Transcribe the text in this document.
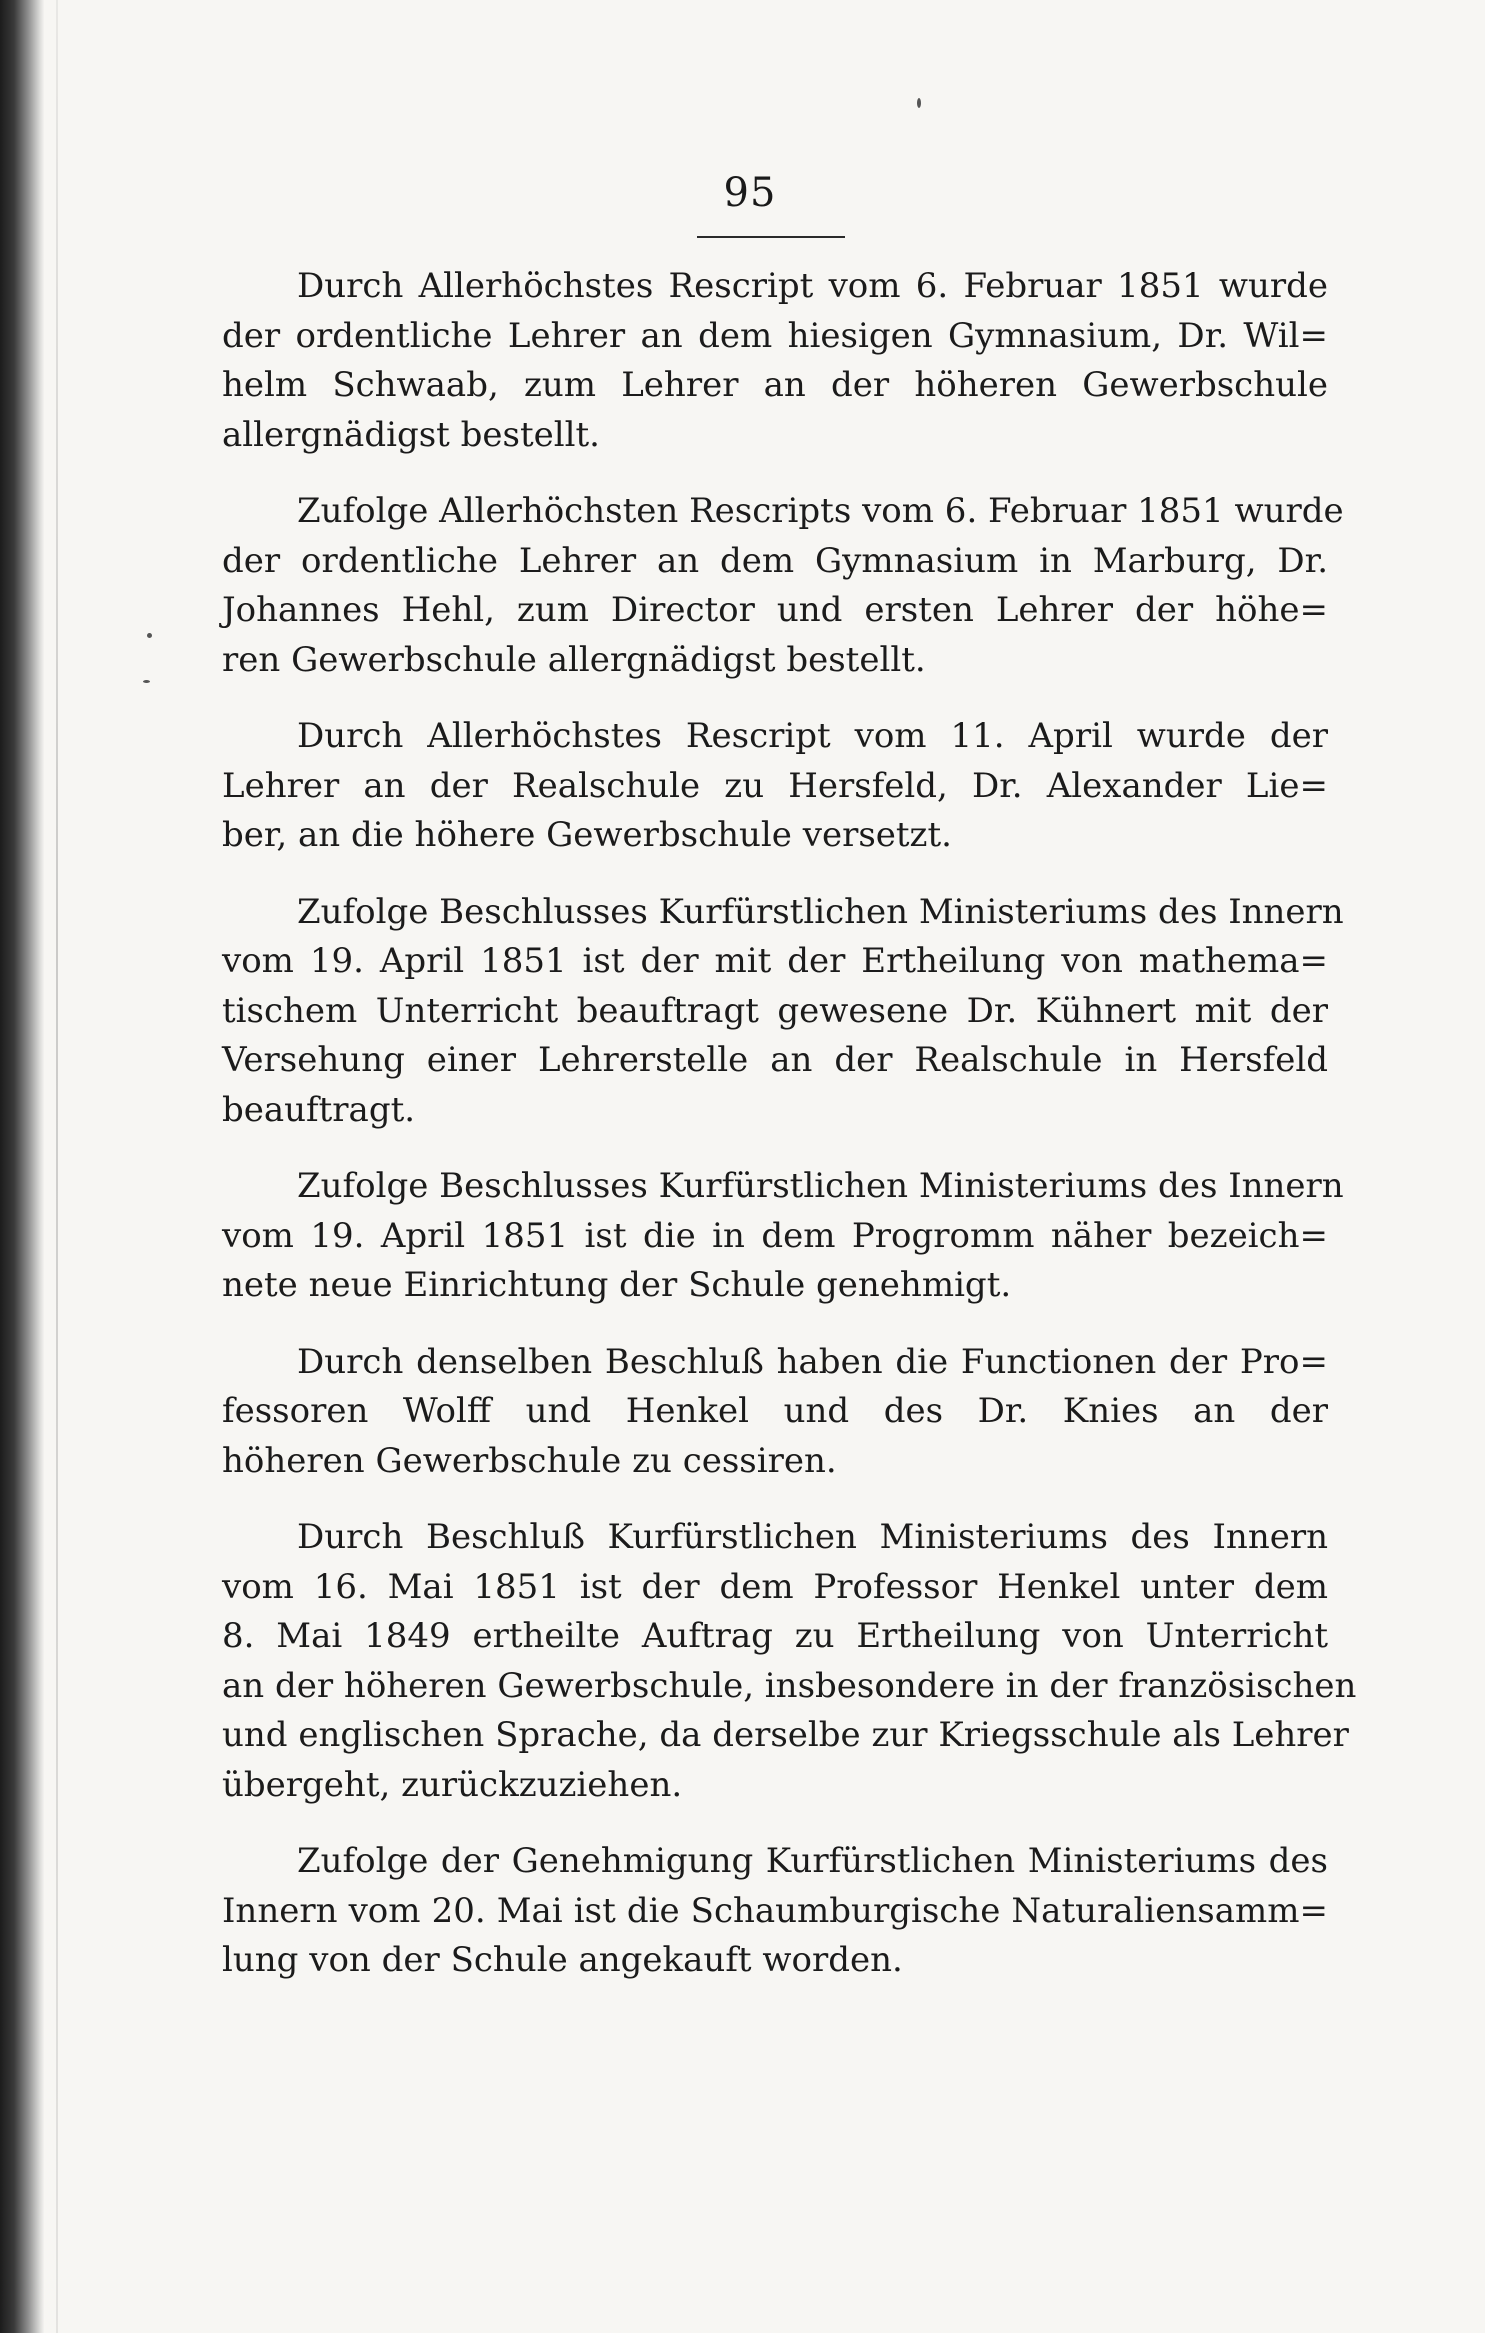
95
Durch Allerhöchstes Rescript vom 6. Februar 1851 wurde
der ordentliche Lehrer an dem hiesigen Gymnasium, Dr. Wil=
helm Schwaab, zum Lehrer an der höheren Gewerbschule
allergnädigst bestellt.
Zufolge Allerhöchsten Rescripts vom 6. Februar 1851 wurde
der ordentliche Lehrer an dem Gymnasium in Marburg, Dr.
Johannes Hehl, zum Director und ersten Lehrer der höhe=
ren Gewerbschule allergnädigst bestellt.
Durch Allerhöchstes Rescript vom 11. April wurde der
Lehrer an der Realschule zu Hersfeld, Dr. Alexander Lie=
ber, an die höhere Gewerbschule versetzt.
Zufolge Beschlusses Kurfürstlichen Ministeriums des Innern
vom 19. April 1851 ist der mit der Ertheilung von mathema=
tischem Unterricht beauftragt gewesene Dr. Kühnert mit der
Versehung einer Lehrerstelle an der Realschule in Hersfeld
beauftragt.
Zufolge Beschlusses Kurfürstlichen Ministeriums des Innern
vom 19. April 1851 ist die in dem Progromm näher bezeich=
nete neue Einrichtung der Schule genehmigt.
Durch denselben Beschluß haben die Functionen der Pro=
fessoren Wolff und Henkel und des Dr. Knies an der
höheren Gewerbschule zu cessiren.
Durch Beschluß Kurfürstlichen Ministeriums des Innern
vom 16. Mai 1851 ist der dem Professor Henkel unter dem
8. Mai 1849 ertheilte Auftrag zu Ertheilung von Unterricht
an der höheren Gewerbschule, insbesondere in der französischen
und englischen Sprache, da derselbe zur Kriegsschule als Lehrer
übergeht, zurückzuziehen.
Zufolge der Genehmigung Kurfürstlichen Ministeriums des
Innern vom 20. Mai ist die Schaumburgische Naturaliensamm=
lung von der Schule angekauft worden.
